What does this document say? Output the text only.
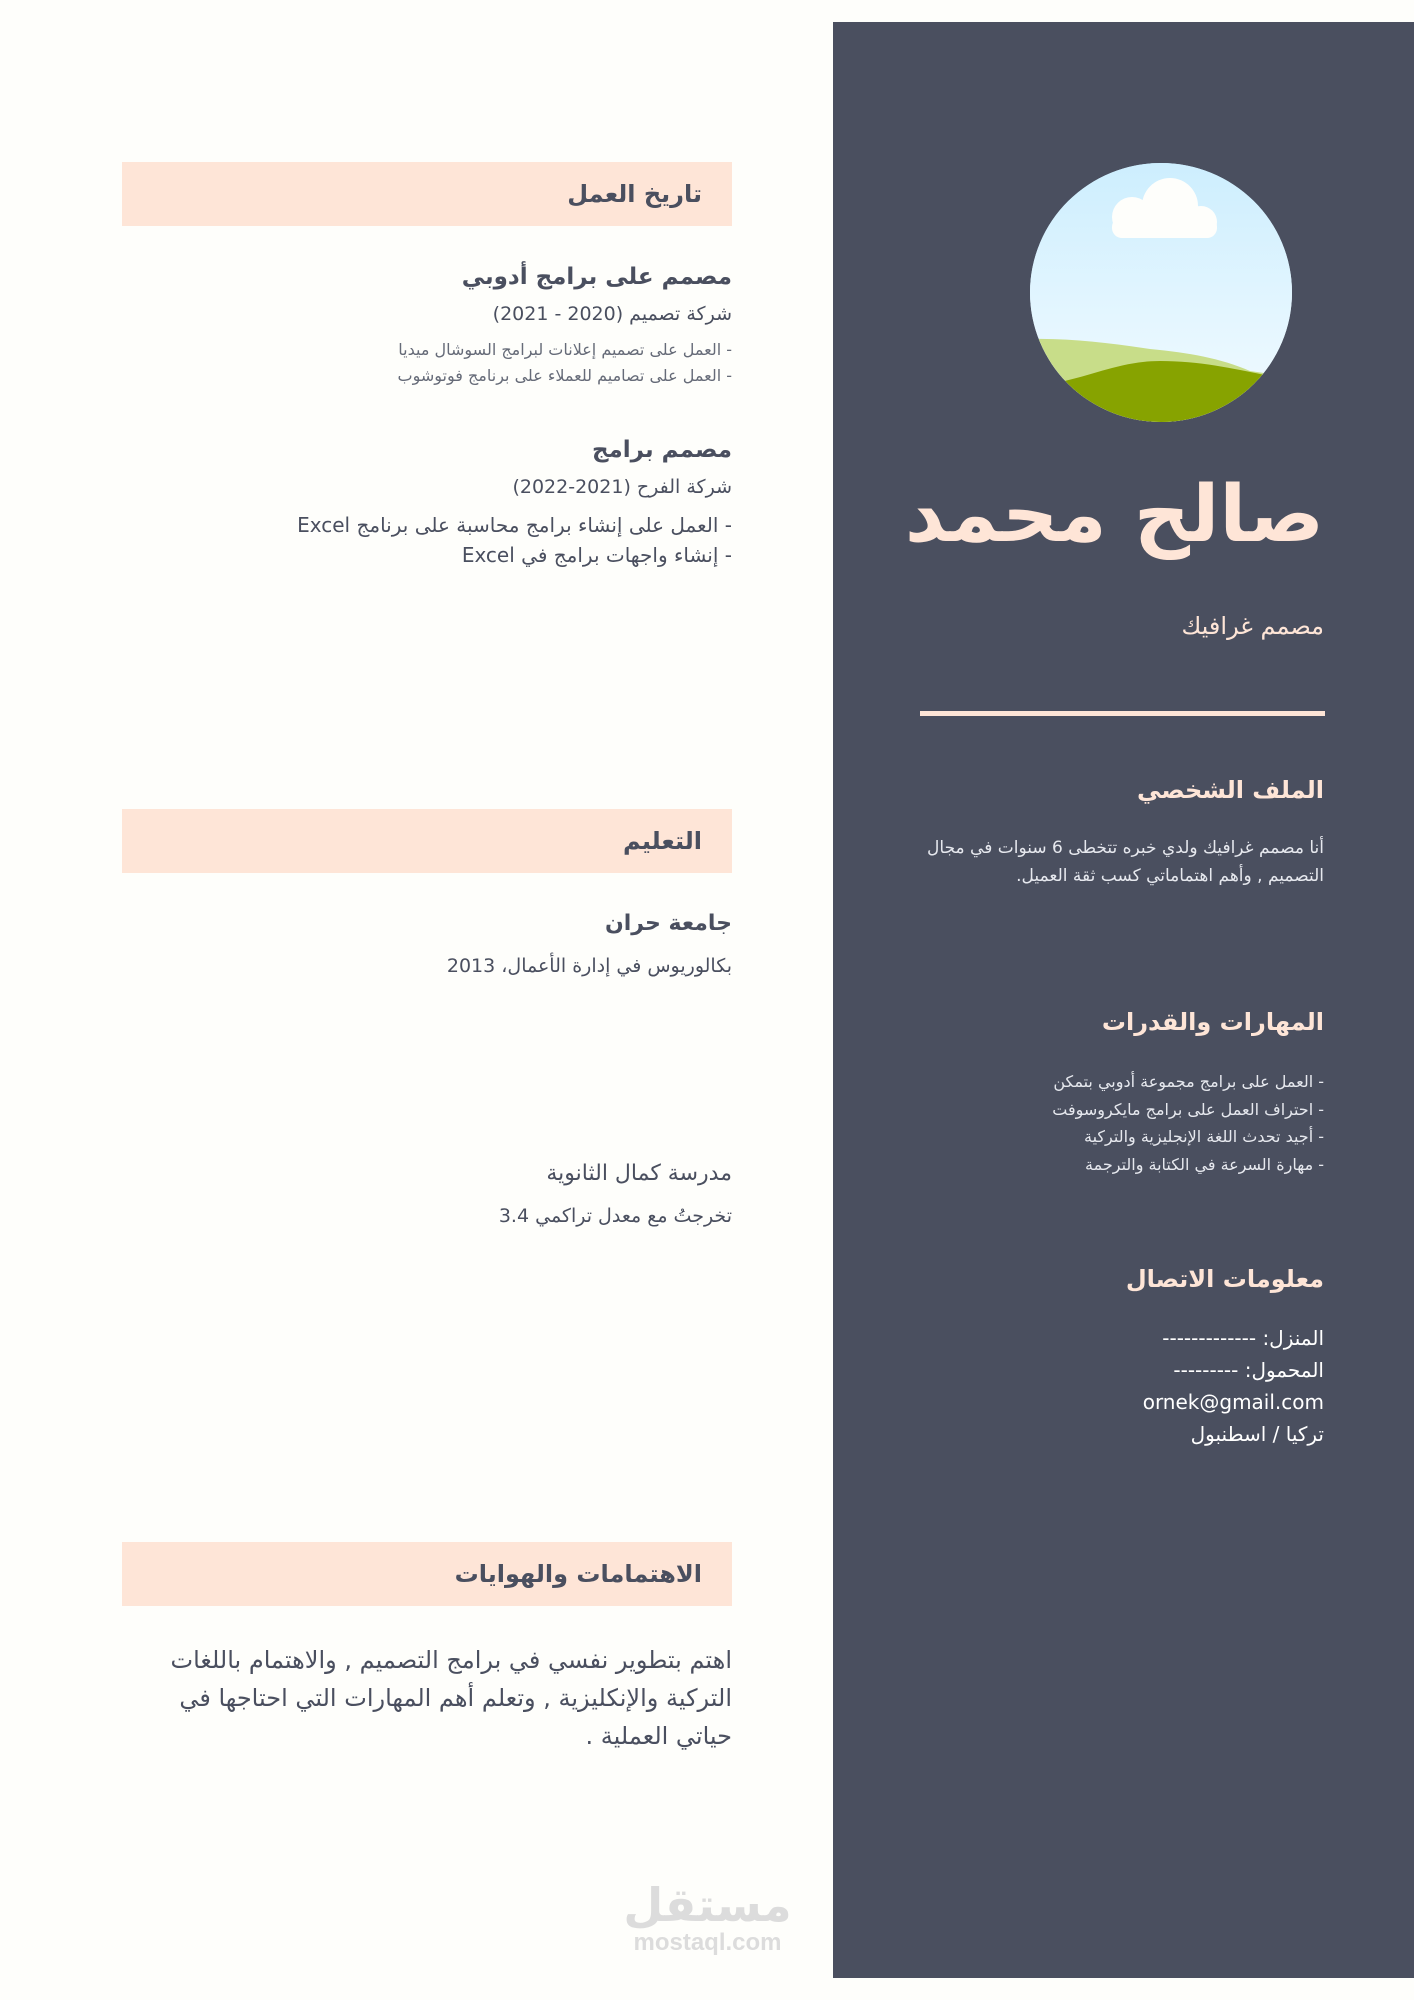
صالح محمد
مصمم غرافيك
الملف الشخصي
أنا مصمم غرافيك ولدي خبره تتخطى 6 سنوات في مجال التصميم , وأهم اهتماماتي كسب ثقة العميل.
المهارات والقدرات
- العمل على برامج مجموعة أدوبي بتمكن
- احتراف العمل على برامج مايكروسوفت
- أجيد تحدث اللغة الإنجليزية والتركية
- مهارة السرعة في الكتابة والترجمة
معلومات الاتصال
المنزل: -------------
المحمول: ---------
ornek@gmail.com
تركيا / اسطنبول
تاريخ العمل
مصمم على برامج أدوبي
شركة تصميم (2020 - 2021)
- العمل على تصميم إعلانات لبرامج السوشال ميديا
- العمل على تصاميم للعملاء على برنامج فوتوشوب
مصمم برامج
شركة الفرح (2021-2022)
- العمل على إنشاء برامج محاسبة على برنامج Excel
- إنشاء واجهات برامج في Excel
التعليم
جامعة حران
بكالوريوس في إدارة الأعمال، 2013
مدرسة كمال الثانوية
تخرجتُ مع معدل تراكمي 3.4
الاهتمامات والهوايات

اهتم بتطوير نفسي في برامج التصميم , والاهتمام باللغات التركية والإنكليزية , وتعلم أهم المهارات التي احتاجها في حياتي العملية .

مستقل
mostaql.com
